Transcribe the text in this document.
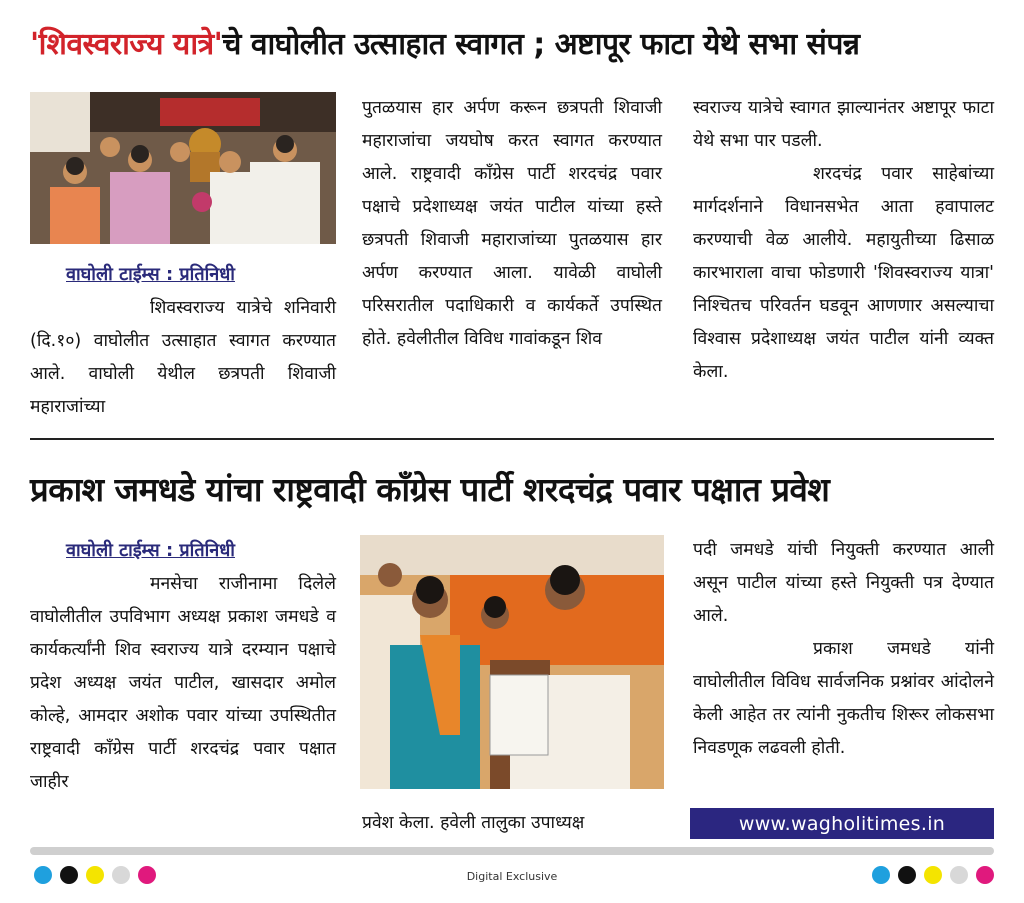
'शिवस्वराज्य यात्रे'चे वाघोलीत उत्साहात स्वागत ; अष्टापूर फाटा येथे सभा संपन्न

वाघोली टाईम्स : प्रतिनिधी

शिवस्वराज्य यात्रेचे शनिवारी (दि.१०) वाघोलीत उत्साहात स्वागत करण्यात आले. वाघोली येथील छत्रपती शिवाजी महाराजांच्या

पुतळयास हार अर्पण करून छत्रपती शिवाजी महाराजांचा जयघोष करत स्वागत करण्यात आले. राष्ट्रवादी कॉंग्रेस पार्टी शरदचंद्र पवार पक्षाचे प्रदेशाध्यक्ष जयंत पाटील यांच्या हस्ते छत्रपती शिवाजी महाराजांच्या पुतळयास हार अर्पण करण्यात आला. यावेळी वाघोली परिसरातील पदाधिकारी व कार्यकर्ते उपस्थित होते. हवेलीतील विविध गावांकडून शिव

स्वराज्य यात्रेचे स्वागत झाल्यानंतर अष्टापूर फाटा येथे सभा पार पडली.

शरदचंद्र पवार साहेबांच्या मार्गदर्शनाने विधानसभेत आता हवापालट करण्याची वेळ आलीये. महायुतीच्या ढिसाळ कारभाराला वाचा फोडणारी 'शिवस्वराज्य यात्रा' निश्चितच परिवर्तन घडवून आणणार असल्याचा विश्वास प्रदेशाध्यक्ष जयंत पाटील यांनी व्यक्त केला.

प्रकाश जमधडे यांचा राष्ट्रवादी कॉंग्रेस पार्टी शरदचंद्र पवार पक्षात प्रवेश

वाघोली टाईम्स : प्रतिनिधी

मनसेचा राजीनामा दिलेले वाघोलीतील उपविभाग अध्यक्ष प्रकाश जमधडे व कार्यकर्त्यांनी शिव स्वराज्य यात्रे दरम्यान पक्षाचे प्रदेश अध्यक्ष जयंत पाटील, खासदार अमोल कोल्हे, आमदार अशोक पवार यांच्या उपस्थितीत राष्ट्रवादी कॉंग्रेस पार्टी शरदचंद्र पवार पक्षात जाहीर

प्रवेश केला. हवेली तालुका उपाध्यक्ष

पदी जमधडे यांची नियुक्ती करण्यात आली असून पाटील यांच्या हस्ते नियुक्ती पत्र देण्यात आले.

प्रकाश जमधडे यांनी वाघोलीतील विविध सार्वजनिक प्रश्नांवर आंदोलने केली आहेत तर त्यांनी नुकतीच शिरूर लोकसभा निवडणूक लढवली होती.

www.wagholitimes.in
Digital Exclusive
